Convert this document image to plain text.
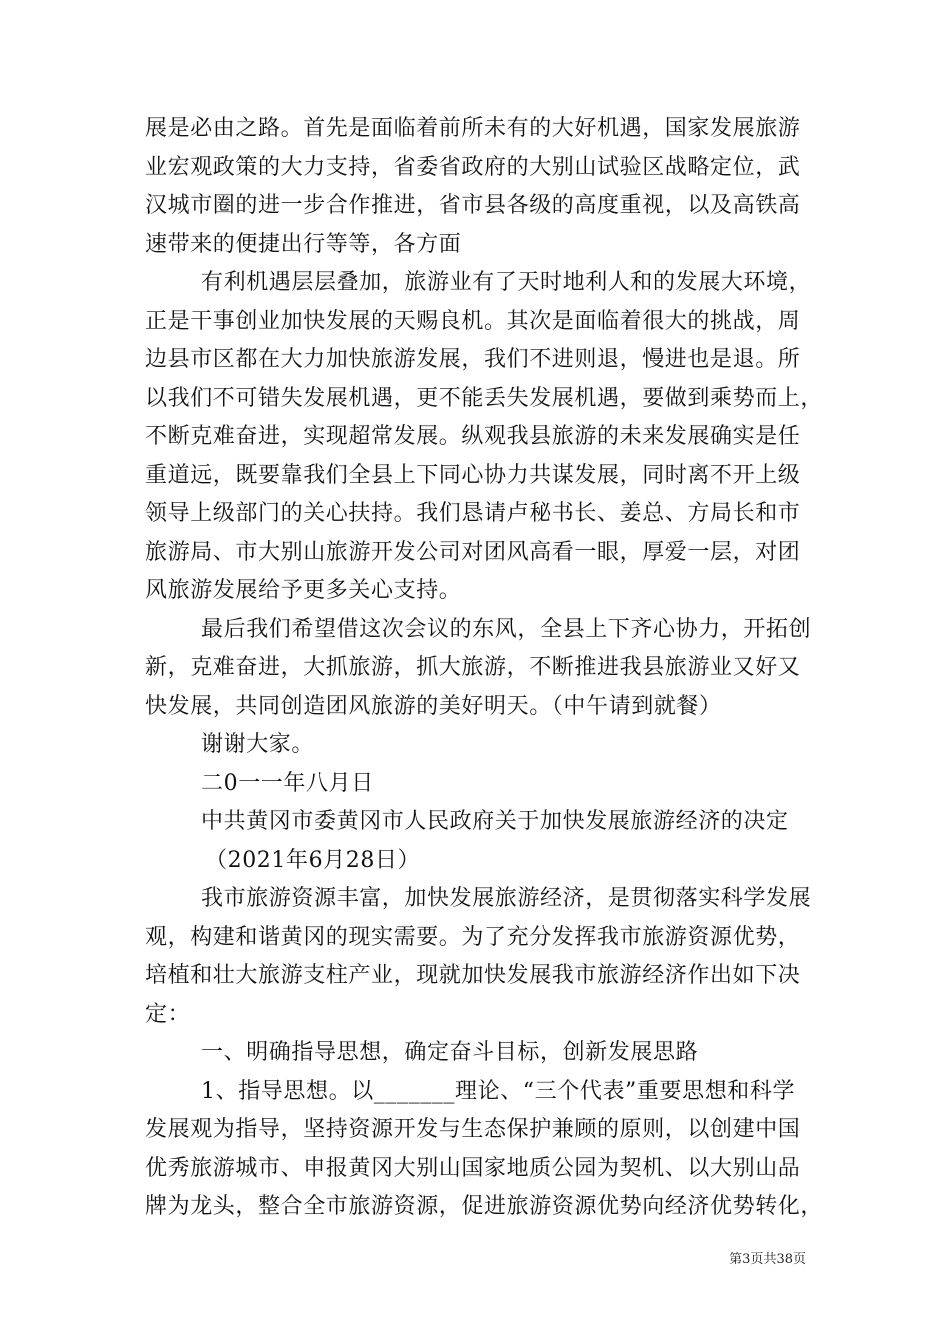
展是必由之路。首先是面临着前所未有的大好机遇，国家发展旅游
业宏观政策的大力支持，省委省政府的大别山试验区战略定位，武
汉城市圈的进一步合作推进，省市县各级的高度重视，以及高铁高
速带来的便捷出行等等，各方面
有利机遇层层叠加，旅游业有了天时地利人和的发展大环境，
正是干事创业加快发展的天赐良机。其次是面临着很大的挑战，周
边县市区都在大力加快旅游发展，我们不进则退，慢进也是退。所
以我们不可错失发展机遇，更不能丢失发展机遇，要做到乘势而上，
不断克难奋进，实现超常发展。纵观我县旅游的未来发展确实是任
重道远，既要靠我们全县上下同心协力共谋发展，同时离不开上级
领导上级部门的关心扶持。我们恳请卢秘书长、姜总、方局长和市
旅游局、市大别山旅游开发公司对团风高看一眼，厚爱一层，对团
风旅游发展给予更多关心支持。
最后我们希望借这次会议的东风，全县上下齐心协力，开拓创
新，克难奋进，大抓旅游，抓大旅游，不断推进我县旅游业又好又
快发展，共同创造团风旅游的美好明天。（中午请到就餐）
谢谢大家。
二0一一年八月日
中共黄冈市委黄冈市人民政府关于加快发展旅游经济的决定
（2021年6月28日）
我市旅游资源丰富，加快发展旅游经济，是贯彻落实科学发展
观，构建和谐黄冈的现实需要。为了充分发挥我市旅游资源优势，
培植和壮大旅游支柱产业，现就加快发展我市旅游经济作出如下决
定：
一、明确指导思想，确定奋斗目标，创新发展思路
1、指导思想。以_______理论、“三个代表”重要思想和科学
发展观为指导，坚持资源开发与生态保护兼顾的原则，以创建中国
优秀旅游城市、申报黄冈大别山国家地质公园为契机、以大别山品
牌为龙头，整合全市旅游资源，促进旅游资源优势向经济优势转化，
第3页共38页
